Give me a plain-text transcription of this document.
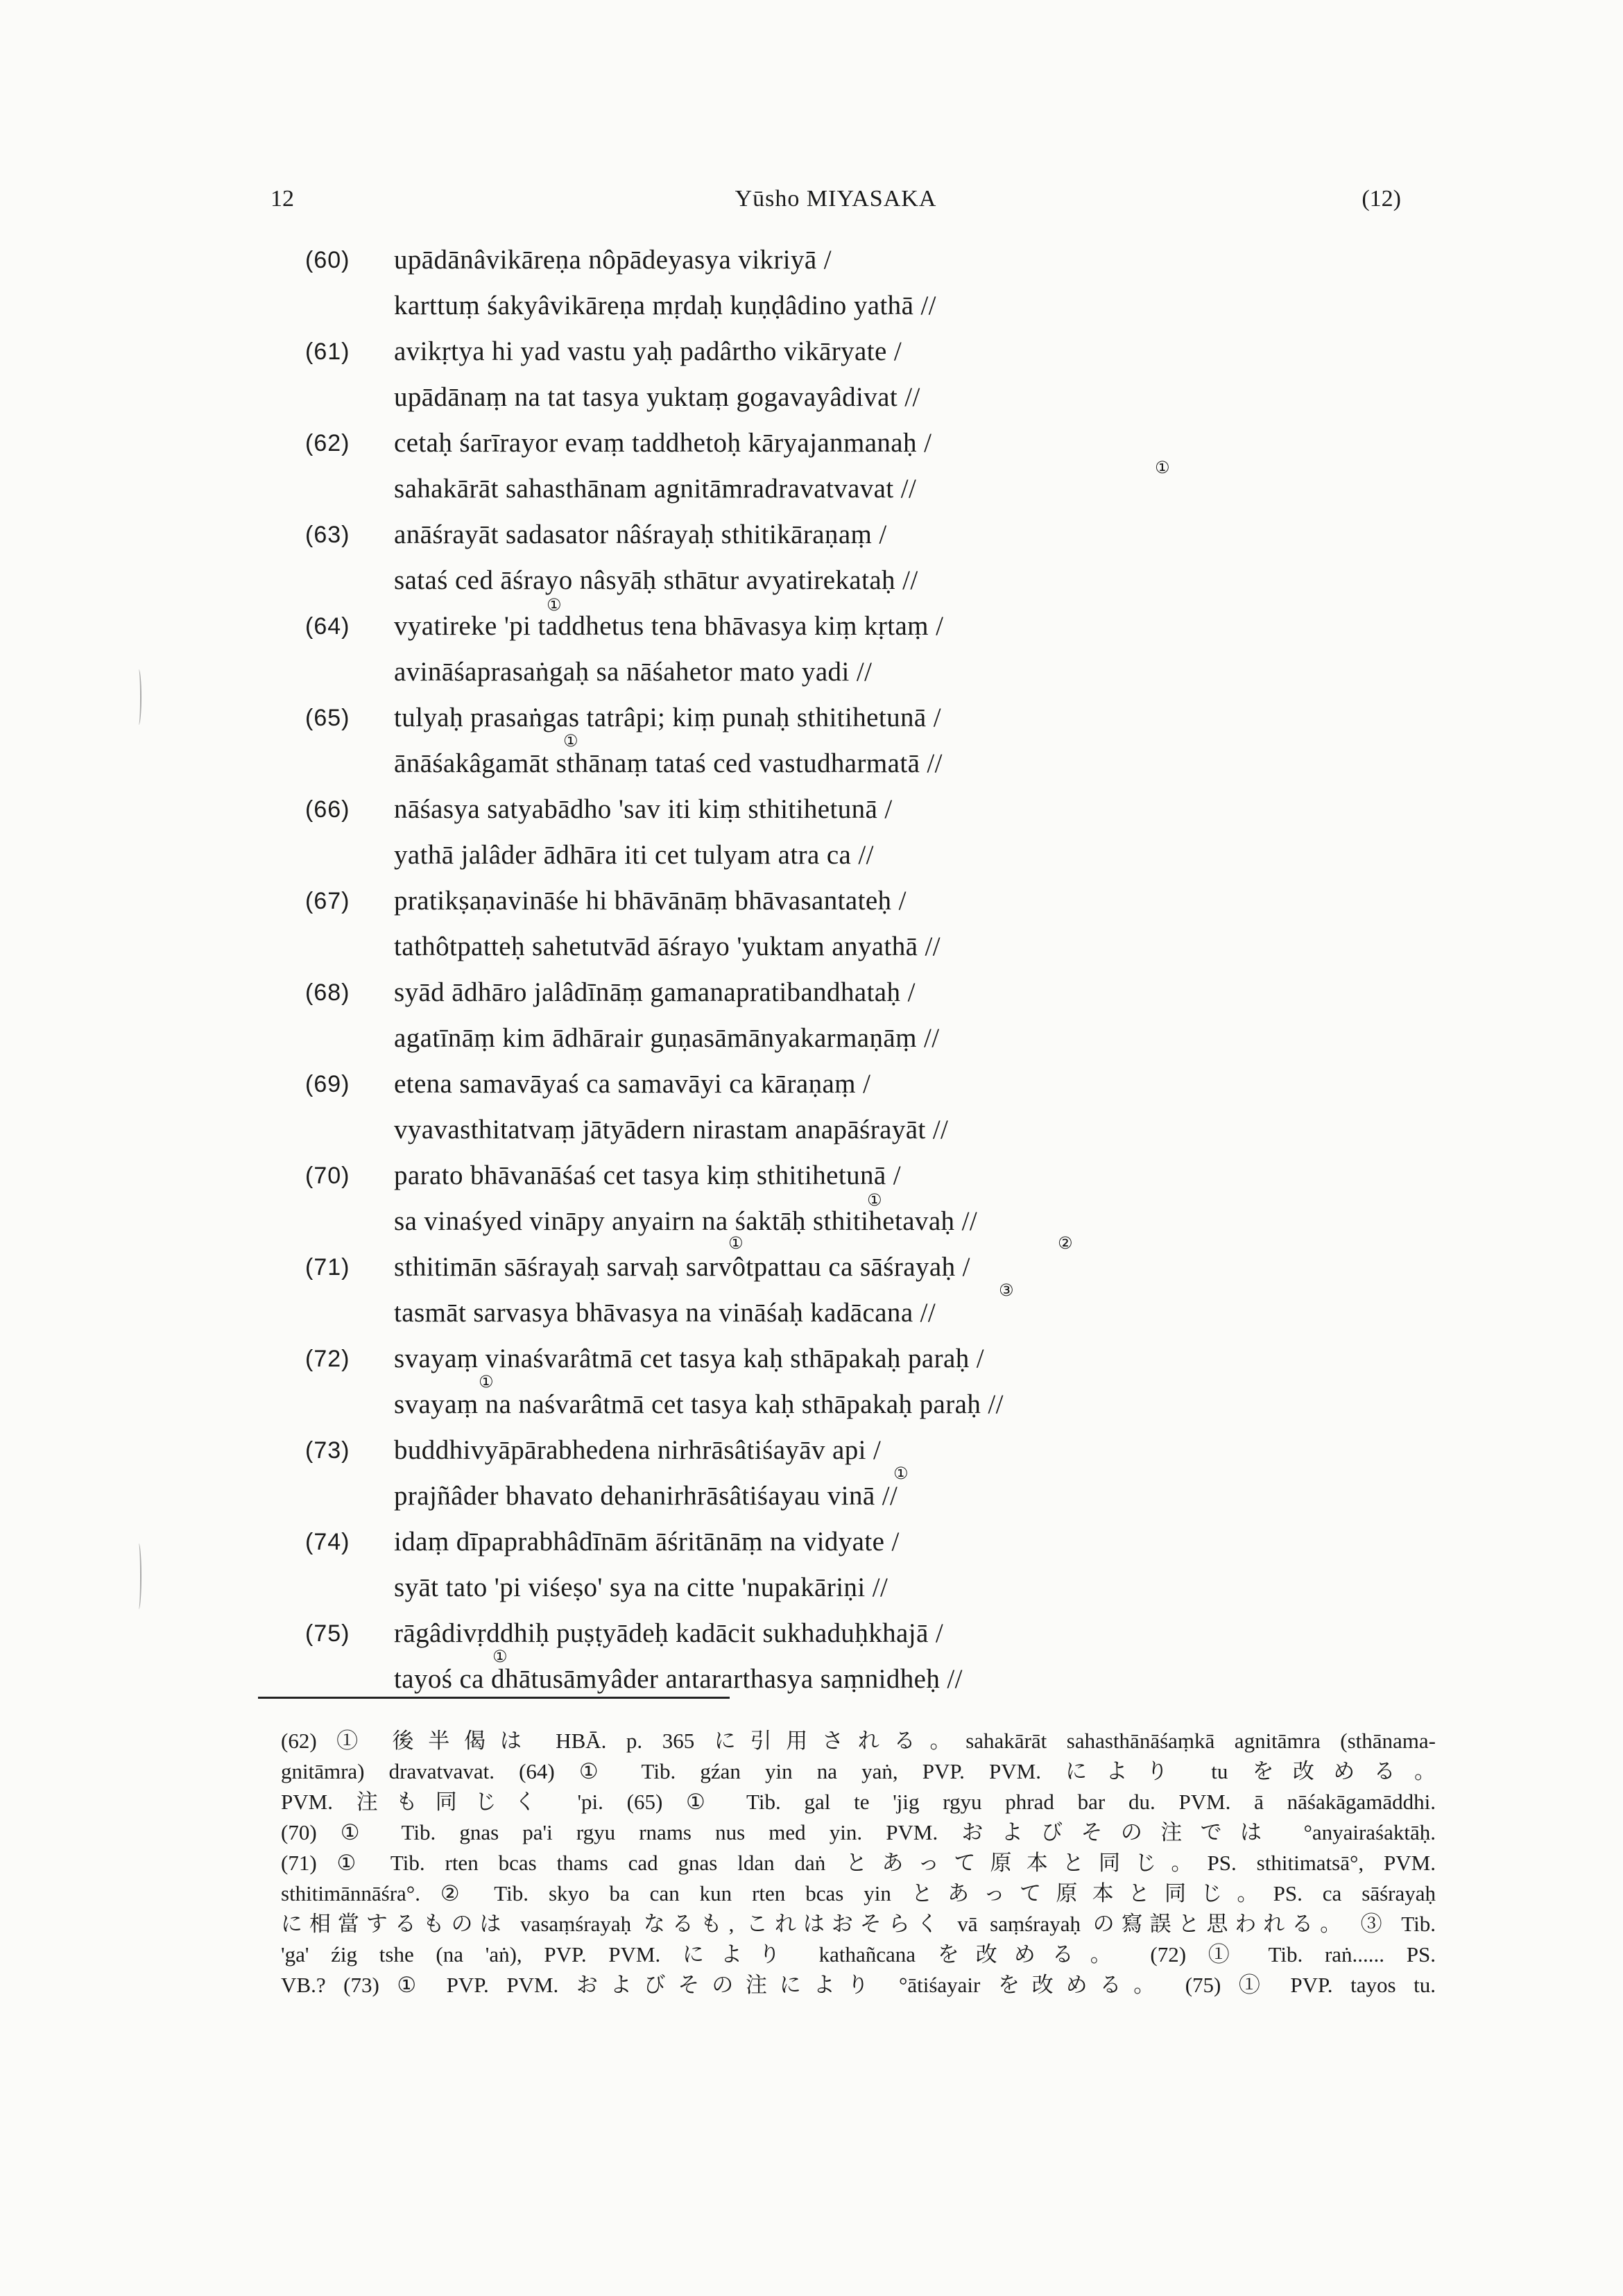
12	Yūsho MIYASAKA	(12)
(60) upādānâvikāreṇa nôpādeyasya vikriyā /
karttuṃ śakyâvikāreṇa mṛdaḥ kuṇḍâdino yathā //
(61) avikṛtya hi yad vastu yaḥ padârtho vikāryate /
upādānaṃ na tat tasya yuktaṃ gogavayâdivat //
(62) cetaḥ śarīrayor evaṃ taddhetoḥ kāryajanmanaḥ /
①
sahakārāt sahasthānam agnitāmradravatvavat //
(63) anāśrayāt sadasator nâśrayaḥ sthitikāraṇaṃ /
sataś ced āśrayo nâsyāḥ sthātur avyatirekataḥ //
①
(64) vyatireke 'pi taddhetus tena bhāvasya kiṃ kṛtaṃ /
avināśaprasaṅgaḥ sa nāśahetor mato yadi //
(65) tulyaḥ prasaṅgas tatrâpi; kiṃ punaḥ sthitihetunā /
①
ānāśakâgamāt sthānaṃ tataś ced vastudharmatā //
(66) nāśasya satyabādho 'sav iti kiṃ sthitihetunā /
yathā jalâder ādhāra iti cet tulyam atra ca //
(67) pratikṣaṇavināśe hi bhāvānāṃ bhāvasantateḥ /
tathôtpatteḥ sahetutvād āśrayo 'yuktam anyathā //
(68) syād ādhāro jalâdīnāṃ gamanapratibandhataḥ /
agatīnāṃ kim ādhārair guṇasāmānyakarmaṇāṃ //
(69) etena samavāyaś ca samavāyi ca kāraṇaṃ /
vyavasthitatvaṃ jātyādern nirastam anapāśrayāt //
(70) parato bhāvanāśaś cet tasya kiṃ sthitihetunā /
①
sa vinaśyed vināpy anyairn na śaktāḥ sthitihetavaḥ //
①	②
(71) sthitimān sāśrayaḥ sarvaḥ sarvôtpattau ca sāśrayaḥ /
③
tasmāt sarvasya bhāvasya na vināśaḥ kadācana //
(72) svayaṃ vinaśvarâtmā cet tasya kaḥ sthāpakaḥ paraḥ /
①
svayaṃ na naśvarâtmā cet tasya kaḥ sthāpakaḥ paraḥ //
(73) buddhivyāpārabhedena nirhrāsâtiśayāv api /
①
prajñâder bhavato dehanirhrāsâtiśayau vinā //
(74) idaṃ dīpaprabhâdīnām āśritānāṃ na vidyate /
syāt tato 'pi viśeṣo' sya na citte 'nupakāriṇi //
(75) rāgâdivṛddhiḥ puṣṭyādeḥ kadācit sukhaduḥkhajā /
①
tayoś ca dhātusāmyâder antararthasya saṃnidheḥ //

(62) ① 後半偈は HBĀ. p. 365 に引用される。sahakārāt sahasthānāśaṃkā agnitāmra (sthānama-

gnitāmra) dravatvavat. (64) ① Tib. gźan yin na yaṅ, PVP. PVM. により tu を改める。

PVM. 注も同じく 'pi. (65) ① Tib. gal te 'jig rgyu phrad bar du. PVM. ā nāśakāgamāddhi.

(70) ① Tib. gnas pa'i rgyu rnams nus med yin. PVM. およびその注では °anyairaśaktāḥ.

(71) ① Tib. rten bcas thams cad gnas ldan daṅ とあって原本と同じ。PS. sthitimatsā°, PVM.

sthitimānnāśra°. ② Tib. skyo ba can kun rten bcas yin とあって原本と同じ。PS. ca sāśrayaḥ

に相當するものは vasaṃśrayaḥ なるも, これはおそらく vā saṃśrayaḥ の寫誤と思われる。 ③ Tib.

'ga' źig tshe (na 'aṅ), PVP. PVM. により kathañcana を改める。 (72) ① Tib. raṅ...... PS.

VB.? (73) ① PVP. PVM. およびその注により °ātiśayair を改める。 (75) ① PVP. tayos tu.
